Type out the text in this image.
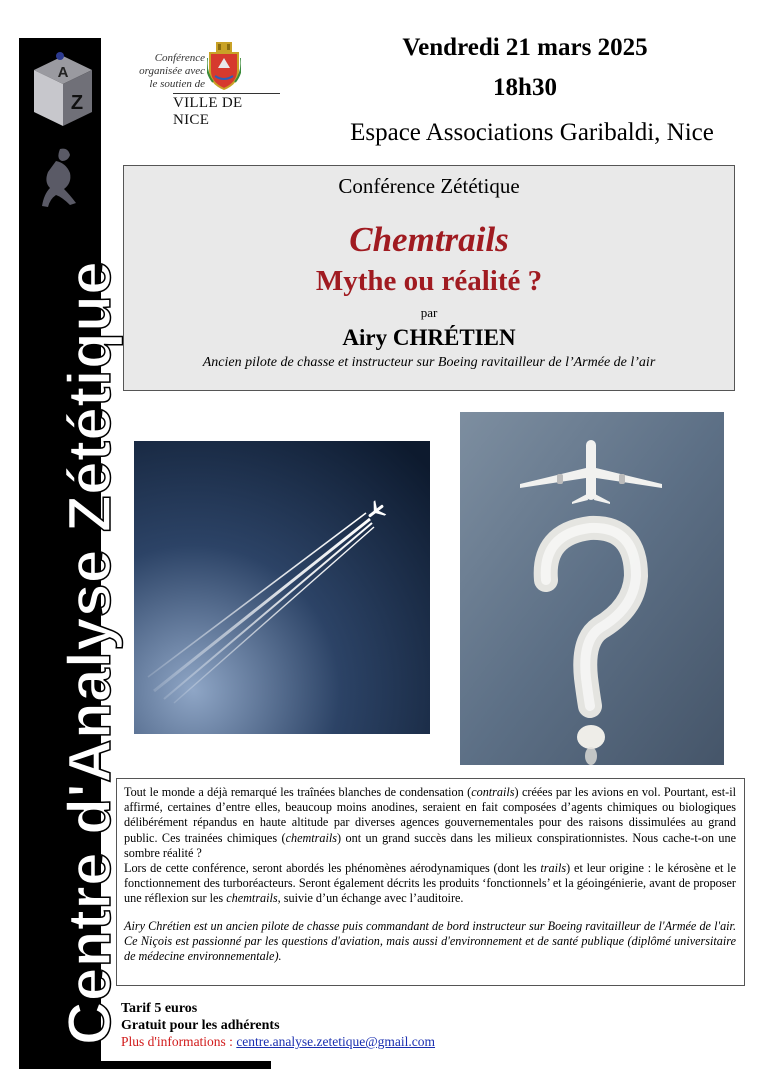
A
Z
Centre d'Analyse Zététique
Conférence
organisée avec
le soutien de
VILLE DE NICE
Vendredi 21 mars 2025
18h30
Espace Associations Garibaldi, Nice
Conférence Zététique
Chemtrails
Mythe ou réalité ?
par
Airy CHRÉTIEN
Ancien pilote de chasse et instructeur sur Boeing ravitailleur de l’Armée de l’air

Tout le monde a déjà remarqué les traînées blanches de condensation (contrails) créées par les avions en vol. Pourtant, est-il affirmé, certaines d’entre elles, beaucoup moins anodines, seraient en fait composées d’agents chimiques ou biologiques délibérément répandus en haute altitude par diverses agences gouvernementales pour des raisons dissimulées au grand public. Ces trainées chimiques (chemtrails) ont un grand succès dans les milieux conspirationnistes. Nous cache-t-on une sombre réalité ?

Lors de cette conférence, seront abordés les phénomènes aérodynamiques (dont les trails) et leur origine : le kérosène et le fonctionnement des turboréacteurs. Seront également décrits les produits ‘fonctionnels’ et la géoingénierie, avant de proposer une réflexion sur les chemtrails, suivie d’un échange avec l’auditoire.

Airy Chrétien est un ancien pilote de chasse puis commandant de bord instructeur sur Boeing ravitailleur de l'Armée de l'air. Ce Niçois est passionné par les questions d'aviation, mais aussi d'environnement et de santé publique (diplômé universitaire de médecine environnementale).

Tarif 5 euros
Gratuit pour les adhérents
Plus d'informations : centre.analyse.zetetique@gmail.com
